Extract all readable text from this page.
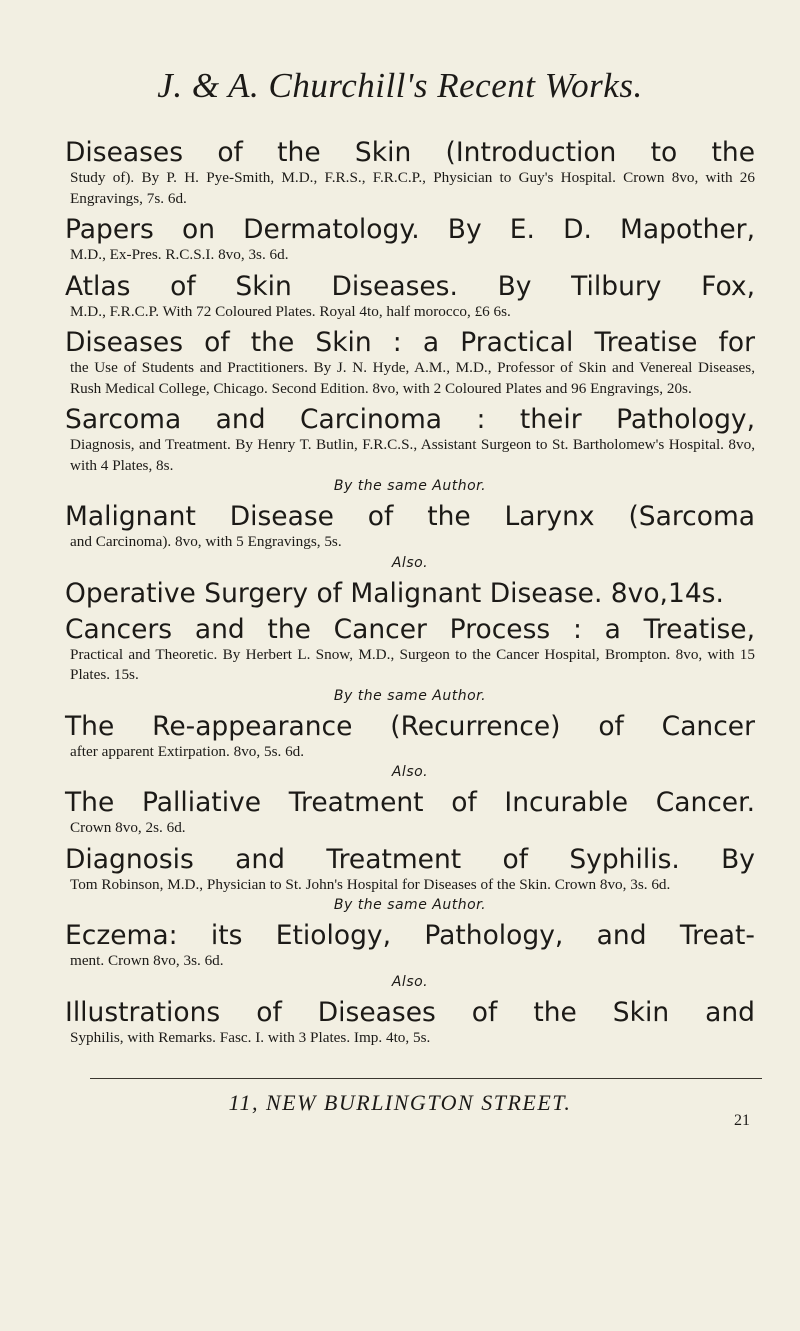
J. & A. Churchill's Recent Works.
Diseases of the Skin (Introduction to the
Study of). By P. H. Pye-Smith, M.D., F.R.S., F.R.C.P., Physician to Guy's Hospital. Crown 8vo, with 26 Engravings, 7s. 6d.
Papers on Dermatology. By E. D. Mapother,
M.D., Ex-Pres. R.C.S.I. 8vo, 3s. 6d.
Atlas of Skin Diseases. By Tilbury Fox,
M.D., F.R.C.P. With 72 Coloured Plates. Royal 4to, half morocco, £6 6s.
Diseases of the Skin : a Practical Treatise for
the Use of Students and Practitioners. By J. N. Hyde, A.M., M.D., Professor of Skin and Venereal Diseases, Rush Medical College, Chicago. Second Edition. 8vo, with 2 Coloured Plates and 96 Engravings, 20s.
Sarcoma and Carcinoma : their Pathology,
Diagnosis, and Treatment. By Henry T. Butlin, F.R.C.S., Assistant Surgeon to St. Bartholomew's Hospital. 8vo, with 4 Plates, 8s.
By the same Author.
Malignant Disease of the Larynx (Sarcoma
and Carcinoma). 8vo, with 5 Engravings, 5s.
Also.
Operative Surgery of Malignant Disease. 8vo,14s.
Cancers and the Cancer Process : a Treatise,
Practical and Theoretic. By Herbert L. Snow, M.D., Surgeon to the Cancer Hospital, Brompton. 8vo, with 15 Plates. 15s.
By the same Author.
The Re-appearance (Recurrence) of Cancer
after apparent Extirpation. 8vo, 5s. 6d.
Also.
The Palliative Treatment of Incurable Cancer.
Crown 8vo, 2s. 6d.
Diagnosis and Treatment of Syphilis. By
Tom Robinson, M.D., Physician to St. John's Hospital for Diseases of the Skin. Crown 8vo, 3s. 6d.
By the same Author.
Eczema: its Etiology, Pathology, and Treat-
ment. Crown 8vo, 3s. 6d.
Also.
Illustrations of Diseases of the Skin and
Syphilis, with Remarks. Fasc. I. with 3 Plates. Imp. 4to, 5s.
11, NEW BURLINGTON STREET.
21
